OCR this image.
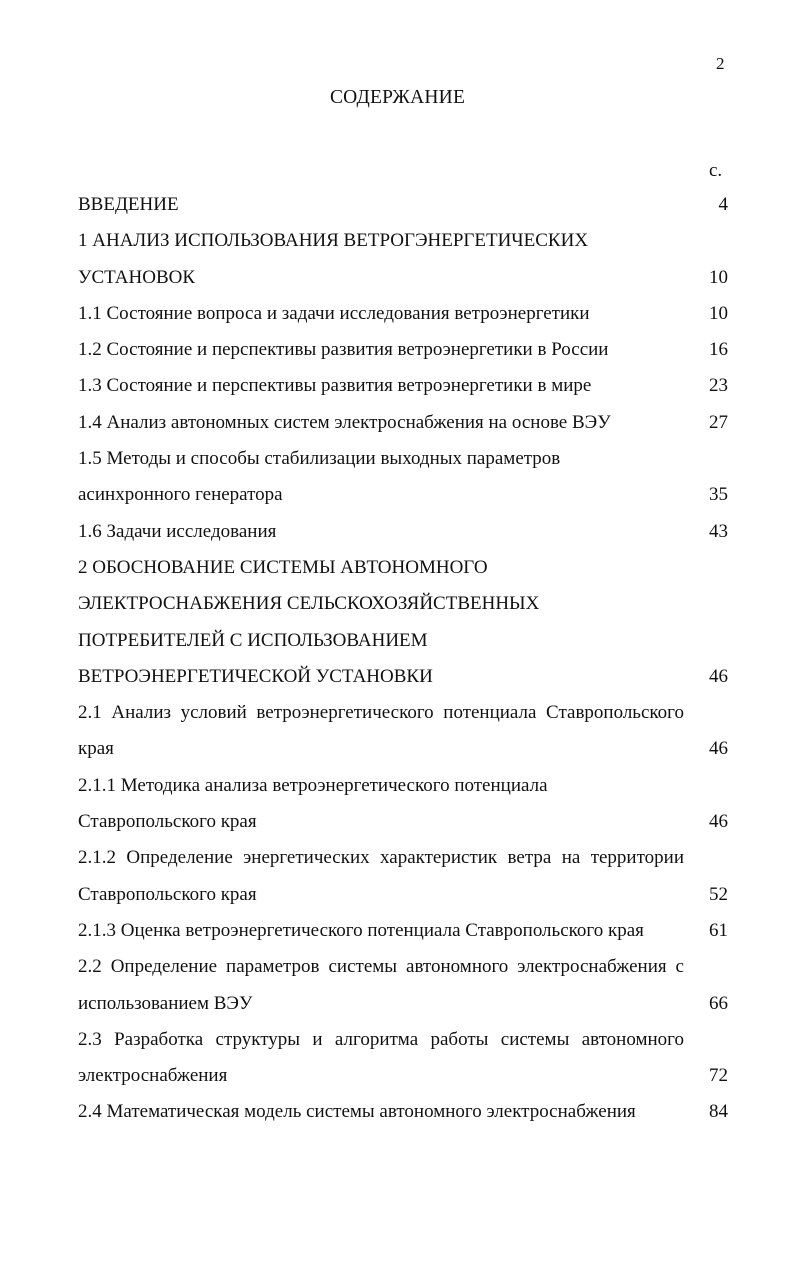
2
СОДЕРЖАНИЕ
с.
ВВЕДЕНИЕ	4
1 АНАЛИЗ ИСПОЛЬЗОВАНИЯ ВЕТРОГЭНЕРГЕТИЧЕСКИХ
УСТАНОВОК	10
1.1 Состояние вопроса и задачи исследования ветроэнергетики	10
1.2 Состояние и перспективы развития ветроэнергетики в России	16
1.3 Состояние и перспективы развития ветроэнергетики в мире	23
1.4 Анализ автономных систем электроснабжения на основе ВЭУ	27
1.5 Методы и способы стабилизации выходных параметров
асинхронного генератора	35
1.6 Задачи исследования	43
2 ОБОСНОВАНИЕ СИСТЕМЫ АВТОНОМНОГО
ЭЛЕКТРОСНАБЖЕНИЯ СЕЛЬСКОХОЗЯЙСТВЕННЫХ
ПОТРЕБИТЕЛЕЙ С ИСПОЛЬЗОВАНИЕМ
ВЕТРОЭНЕРГЕТИЧЕСКОЙ УСТАНОВКИ	46
2.1 Анализ условий ветроэнергетического потенциала Ставропольского
края	46
2.1.1 Методика анализа ветроэнергетического потенциала
Ставропольского края	46
2.1.2 Определение энергетических характеристик ветра на территории
Ставропольского края	52
2.1.3 Оценка ветроэнергетического потенциала Ставропольского края	61
2.2 Определение параметров системы автономного электроснабжения с
использованием ВЭУ	66
2.3 Разработка структуры и алгоритма работы системы автономного
электроснабжения	72
2.4 Математическая модель системы автономного электроснабжения	84
